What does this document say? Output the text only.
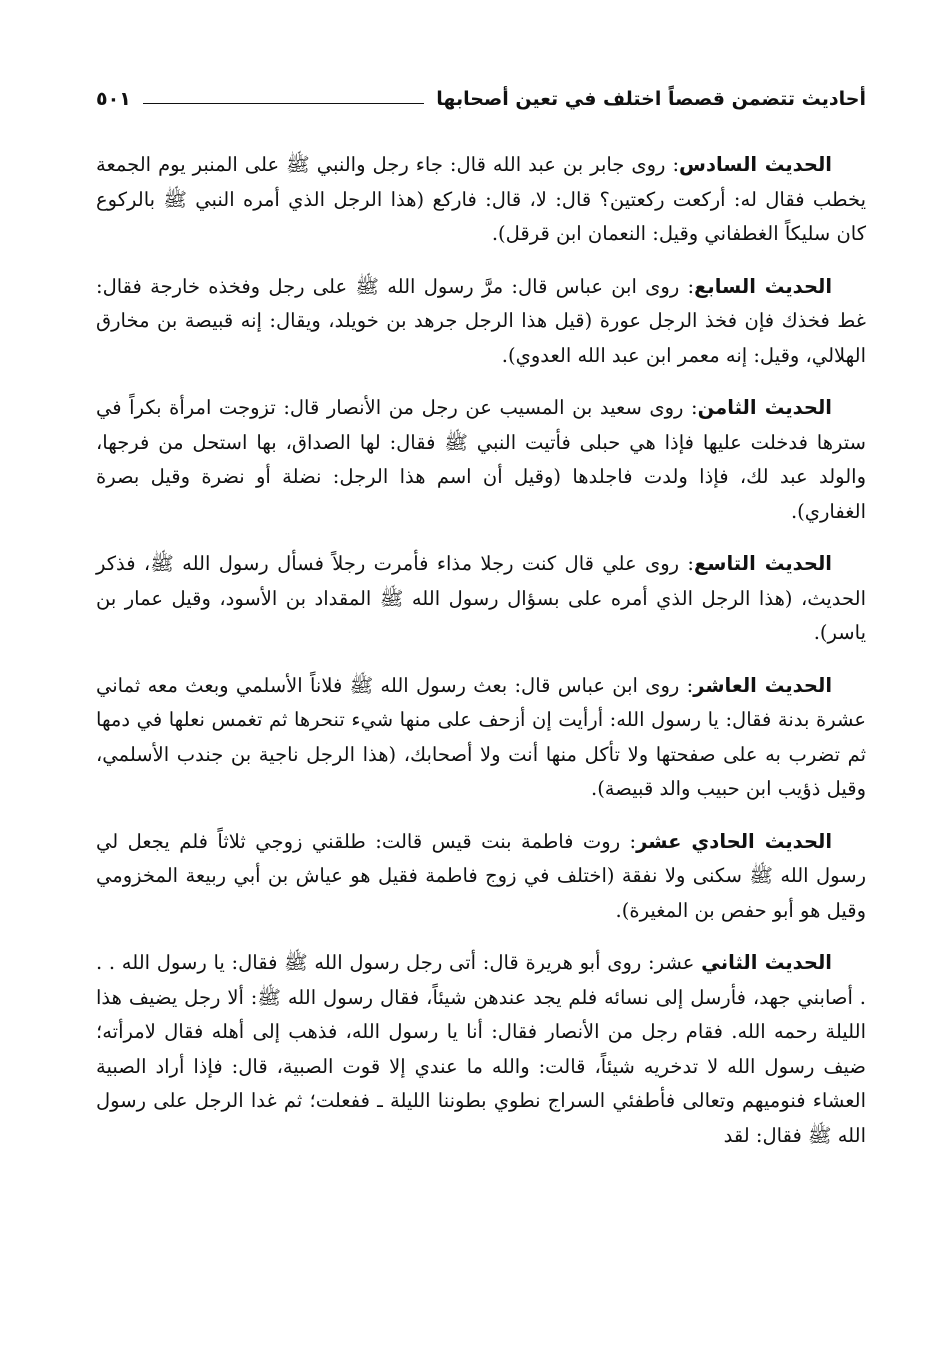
أحاديث تتضمن قصصاً اختلف في تعين أصحابها
٥٠١

الحديث السادس: روى جابر بن عبد الله قال: جاء رجل والنبي ﷺ على المنبر يوم الجمعة يخطب فقال له: أركعت ركعتين؟ قال: لا، قال: فاركع (هذا الرجل الذي أمره النبي ﷺ بالركوع كان سليكاً الغطفاني وقيل: النعمان ابن قرقل).

الحديث السابع: روى ابن عباس قال: مرَّ رسول الله ﷺ على رجل وفخذه خارجة فقال: غط فخذك فإن فخذ الرجل عورة (قيل هذا الرجل جرهد بن خويلد، ويقال: إنه قبيصة بن مخارق الهلالي، وقيل: إنه معمر ابن عبد الله العدوي).

الحديث الثامن: روى سعيد بن المسيب عن رجل من الأنصار قال: تزوجت امرأة بكراً في سترها فدخلت عليها فإذا هي حبلى فأتيت النبي ﷺ فقال: لها الصداق، بها استحل من فرجها، والولد عبد لك، فإذا ولدت فاجلدها (وقيل أن اسم هذا الرجل: نضلة أو نضرة وقيل بصرة الغفاري).

الحديث التاسع: روى علي قال كنت رجلا مذاء فأمرت رجلاً فسأل رسول الله ﷺ، فذكر الحديث، (هذا الرجل الذي أمره على بسؤال رسول الله ﷺ المقداد بن الأسود، وقيل عمار بن ياسر).

الحديث العاشر: روى ابن عباس قال: بعث رسول الله ﷺ فلاناً الأسلمي وبعث معه ثماني عشرة بدنة فقال: يا رسول الله: أرأيت إن أزحف على منها شيء تنحرها ثم تغمس نعلها في دمها ثم تضرب به على صفحتها ولا تأكل منها أنت ولا أصحابك، (هذا الرجل ناجية بن جندب الأسلمي، وقيل ذؤيب ابن حبيب والد قبيصة).

الحديث الحادي عشر: روت فاطمة بنت قيس قالت: طلقني زوجي ثلاثاً فلم يجعل لي رسول الله ﷺ سكنى ولا نفقة (اختلف في زوج فاطمة فقيل هو عياش بن أبي ربيعة المخزومي وقيل هو أبو حفص بن المغيرة).

الحديث الثاني عشر: روى أبو هريرة قال: أتى رجل رسول الله ﷺ فقال: يا رسول الله . . . أصابني جهد، فأرسل إلى نسائه فلم يجد عندهن شيئاً، فقال رسول الله ﷺ: ألا رجل يضيف هذا الليلة رحمه الله. فقام رجل من الأنصار فقال: أنا يا رسول الله، فذهب إلى أهله فقال لامرأته؛ ضيف رسول الله لا تدخريه شيئاً، قالت: والله ما عندي إلا قوت الصبية، قال: فإذا أراد الصبية العشاء فنوميهم وتعالى فأطفئي السراج نطوي بطوننا الليلة ـ ففعلت؛ ثم غدا الرجل على رسول الله ﷺ فقال: لقد
